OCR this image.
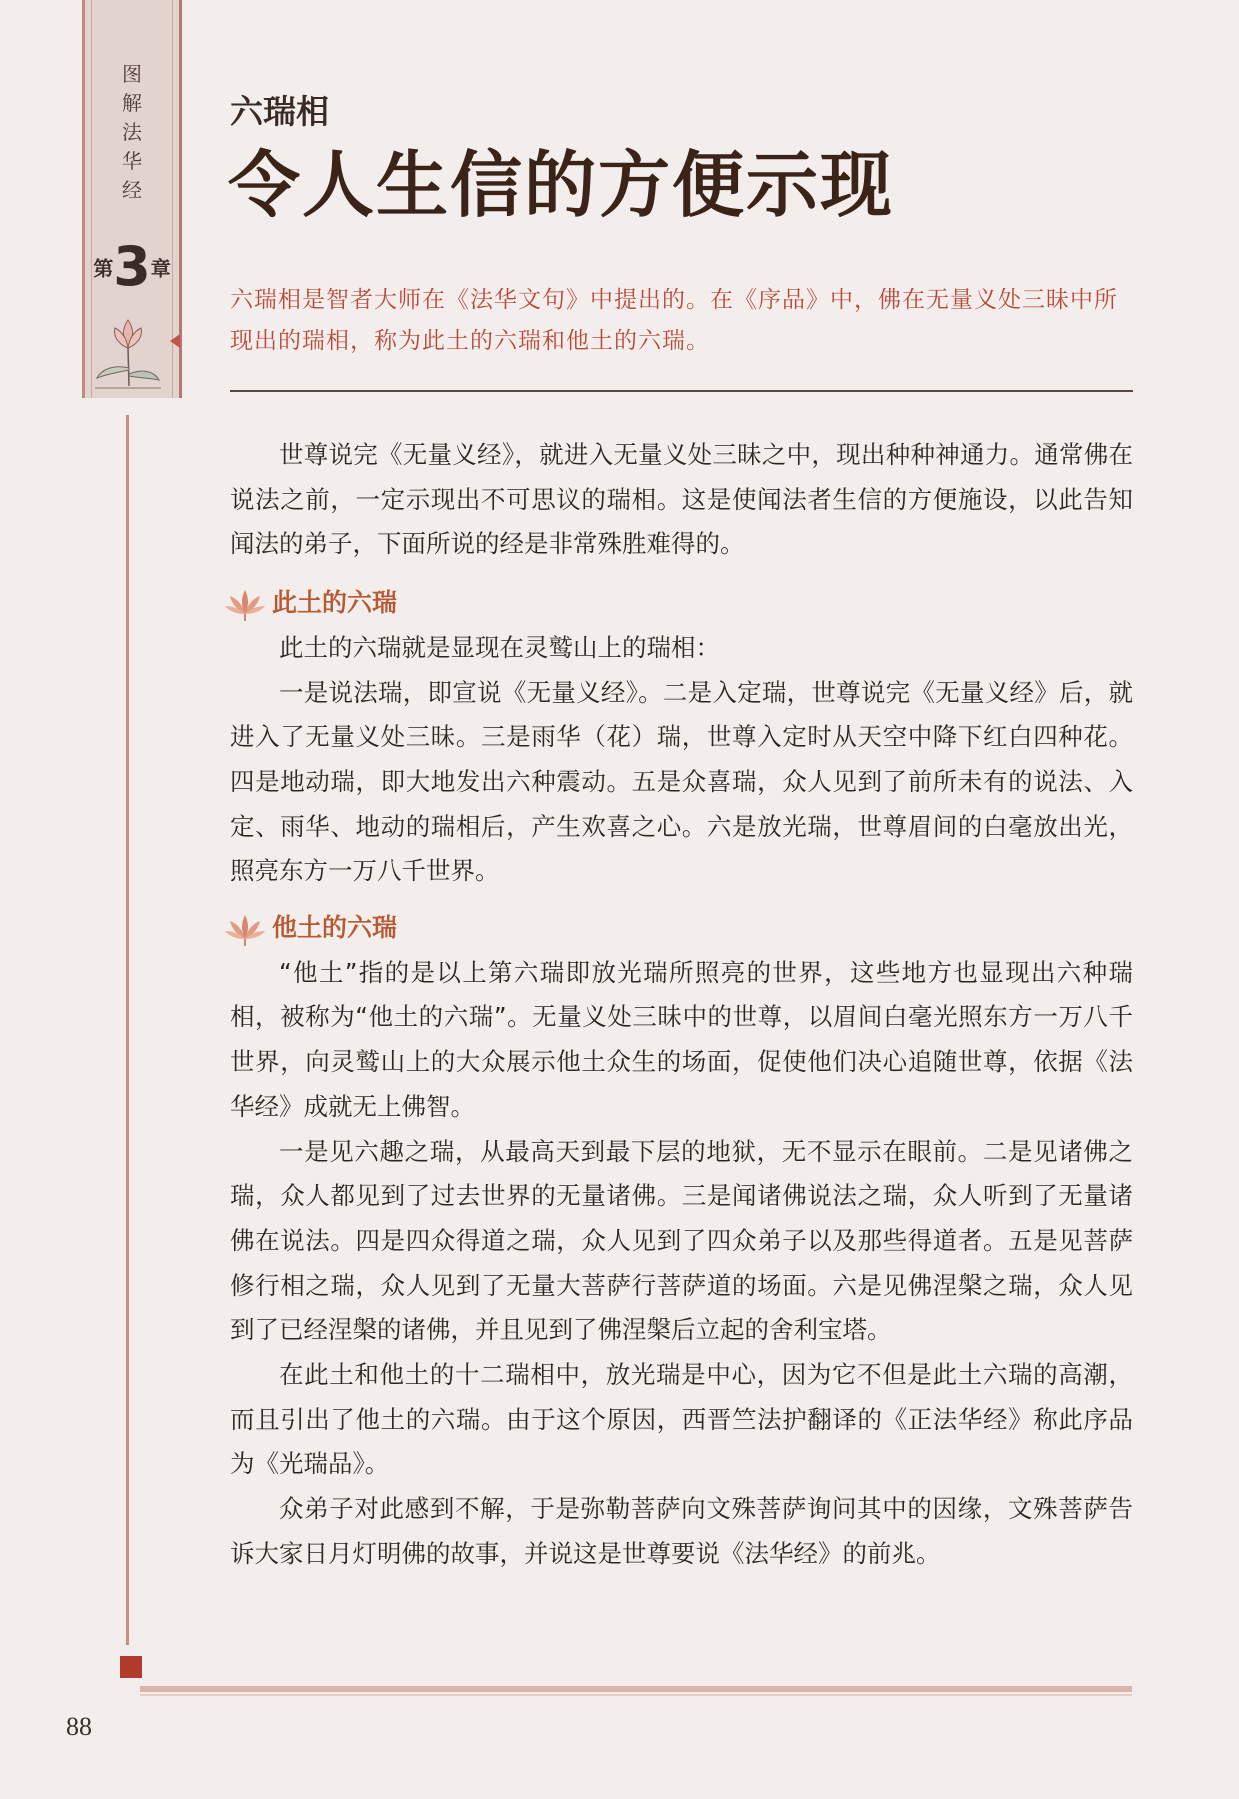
图
解
法
华
经
第3章
六瑞相
令人生信的方便示现
六瑞相是智者大师在《法华文句》中提出的。在《序品》中，佛在无量义处三昧中所现出的瑞相，称为此土的六瑞和他土的六瑞。

世尊说完《无量义经》，就进入无量义处三昧之中，现出种种神通力。通常佛在说法之前，一定示现出不可思议的瑞相。这是使闻法者生信的方便施设，以此告知闻法的弟子，下面所说的经是非常殊胜难得的。

此土的六瑞

此土的六瑞就是显现在灵鹫山上的瑞相：

一是说法瑞，即宣说《无量义经》。二是入定瑞，世尊说完《无量义经》后，就进入了无量义处三昧。三是雨华（花）瑞，世尊入定时从天空中降下红白四种花。四是地动瑞，即大地发出六种震动。五是众喜瑞，众人见到了前所未有的说法、入定、雨华、地动的瑞相后，产生欢喜之心。六是放光瑞，世尊眉间的白毫放出光，照亮东方一万八千世界。

他土的六瑞

“他土”指的是以上第六瑞即放光瑞所照亮的世界，这些地方也显现出六种瑞相，被称为“他土的六瑞”。无量义处三昧中的世尊，以眉间白毫光照东方一万八千世界，向灵鹫山上的大众展示他土众生的场面，促使他们决心追随世尊，依据《法华经》成就无上佛智。

一是见六趣之瑞，从最高天到最下层的地狱，无不显示在眼前。二是见诸佛之瑞，众人都见到了过去世界的无量诸佛。三是闻诸佛说法之瑞，众人听到了无量诸佛在说法。四是四众得道之瑞，众人见到了四众弟子以及那些得道者。五是见菩萨修行相之瑞，众人见到了无量大菩萨行菩萨道的场面。六是见佛涅槃之瑞，众人见到了已经涅槃的诸佛，并且见到了佛涅槃后立起的舍利宝塔。

在此土和他土的十二瑞相中，放光瑞是中心，因为它不但是此土六瑞的高潮，而且引出了他土的六瑞。由于这个原因，西晋竺法护翻译的《正法华经》称此序品为《光瑞品》。

众弟子对此感到不解，于是弥勒菩萨向文殊菩萨询问其中的因缘，文殊菩萨告诉大家日月灯明佛的故事，并说这是世尊要说《法华经》的前兆。

88
